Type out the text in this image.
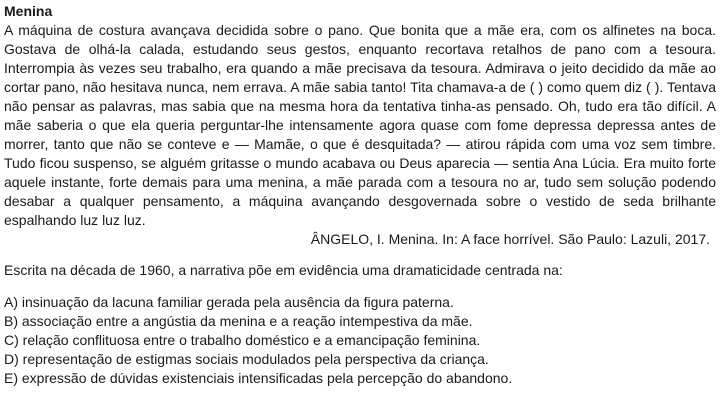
Menina

A máquina de costura avançava decidida sobre o pano. Que bonita que a mãe era, com os alfinetes na boca. Gostava de olhá-la calada, estudando seus gestos, enquanto recortava retalhos de pano com a tesoura. Interrompia às vezes seu trabalho, era quando a mãe precisava da tesoura. Admirava o jeito decidido da mãe ao cortar pano, não hesitava nunca, nem errava. A mãe sabia tanto! Tita chamava-a de ( ) como quem diz ( ). Tentava não pensar as palavras, mas sabia que na mesma hora da tentativa tinha-as pensado. Oh, tudo era tão difícil. A mãe saberia o que ela queria perguntar-lhe intensamente agora quase com fome depressa depressa antes de morrer, tanto que não se conteve e — Mamãe, o que é desquitada? — atirou rápida com uma voz sem timbre. Tudo ficou suspenso, se alguém gritasse o mundo acabava ou Deus aparecia — sentia Ana Lúcia. Era muito forte aquele instante, forte demais para uma menina, a mãe parada com a tesoura no ar, tudo sem solução podendo desabar a qualquer pensamento, a máquina avançando desgovernada sobre o vestido de seda brilhante espalhando luz luz luz.

ÂNGELO, I. Menina. In: A face horrível. São Paulo: Lazuli, 2017.

Escrita na década de 1960, a narrativa põe em evidência uma dramaticidade centrada na:

A) insinuação da lacuna familiar gerada pela ausência da figura paterna.
B) associação entre a angústia da menina e a reação intempestiva da mãe.
C) relação conflituosa entre o trabalho doméstico e a emancipação feminina.
D) representação de estigmas sociais modulados pela perspectiva da criança.
E) expressão de dúvidas existenciais intensificadas pela percepção do abandono.
